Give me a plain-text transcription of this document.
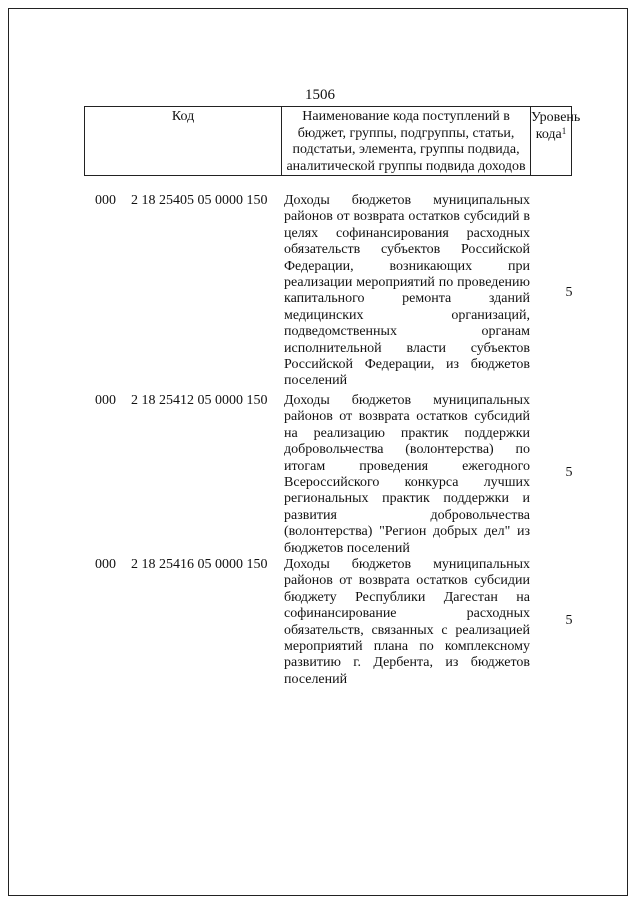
1506
Код	Наименование кода поступлений в бюджет, группы, подгруппы, статьи, подстатьи, элемента, группы подвида, аналитической группы подвида доходов
Уровень кода$^1$
000 2 18 25405 05 0000 150 Доходы бюджетов муниципальных районов от возврата остатков субсидий в целях софинансирования расходных обязательств субъектов Российской Федерации, возникающих при реализации мероприятий по проведению капитального ремонта зданий медицинских организаций, подведомственных органам исполнительной власти субъектов Российской Федерации, из бюджетов поселений
5
000 2 18 25412 05 0000 150 Доходы бюджетов муниципальных районов от возврата остатков субсидий на реализацию практик поддержки добровольчества (волонтерства) по итогам проведения ежегодного Всероссийского конкурса лучших региональных практик поддержки и развития добровольчества (волонтерства) "Регион добрых дел" из бюджетов поселений
5
000 2 18 25416 05 0000 150 Доходы бюджетов муниципальных районов от возврата остатков субсидии бюджету Республики Дагестан на софинансирование расходных обязательств, связанных с реализацией мероприятий плана по комплексному развитию г. Дербента, из бюджетов поселений
5
